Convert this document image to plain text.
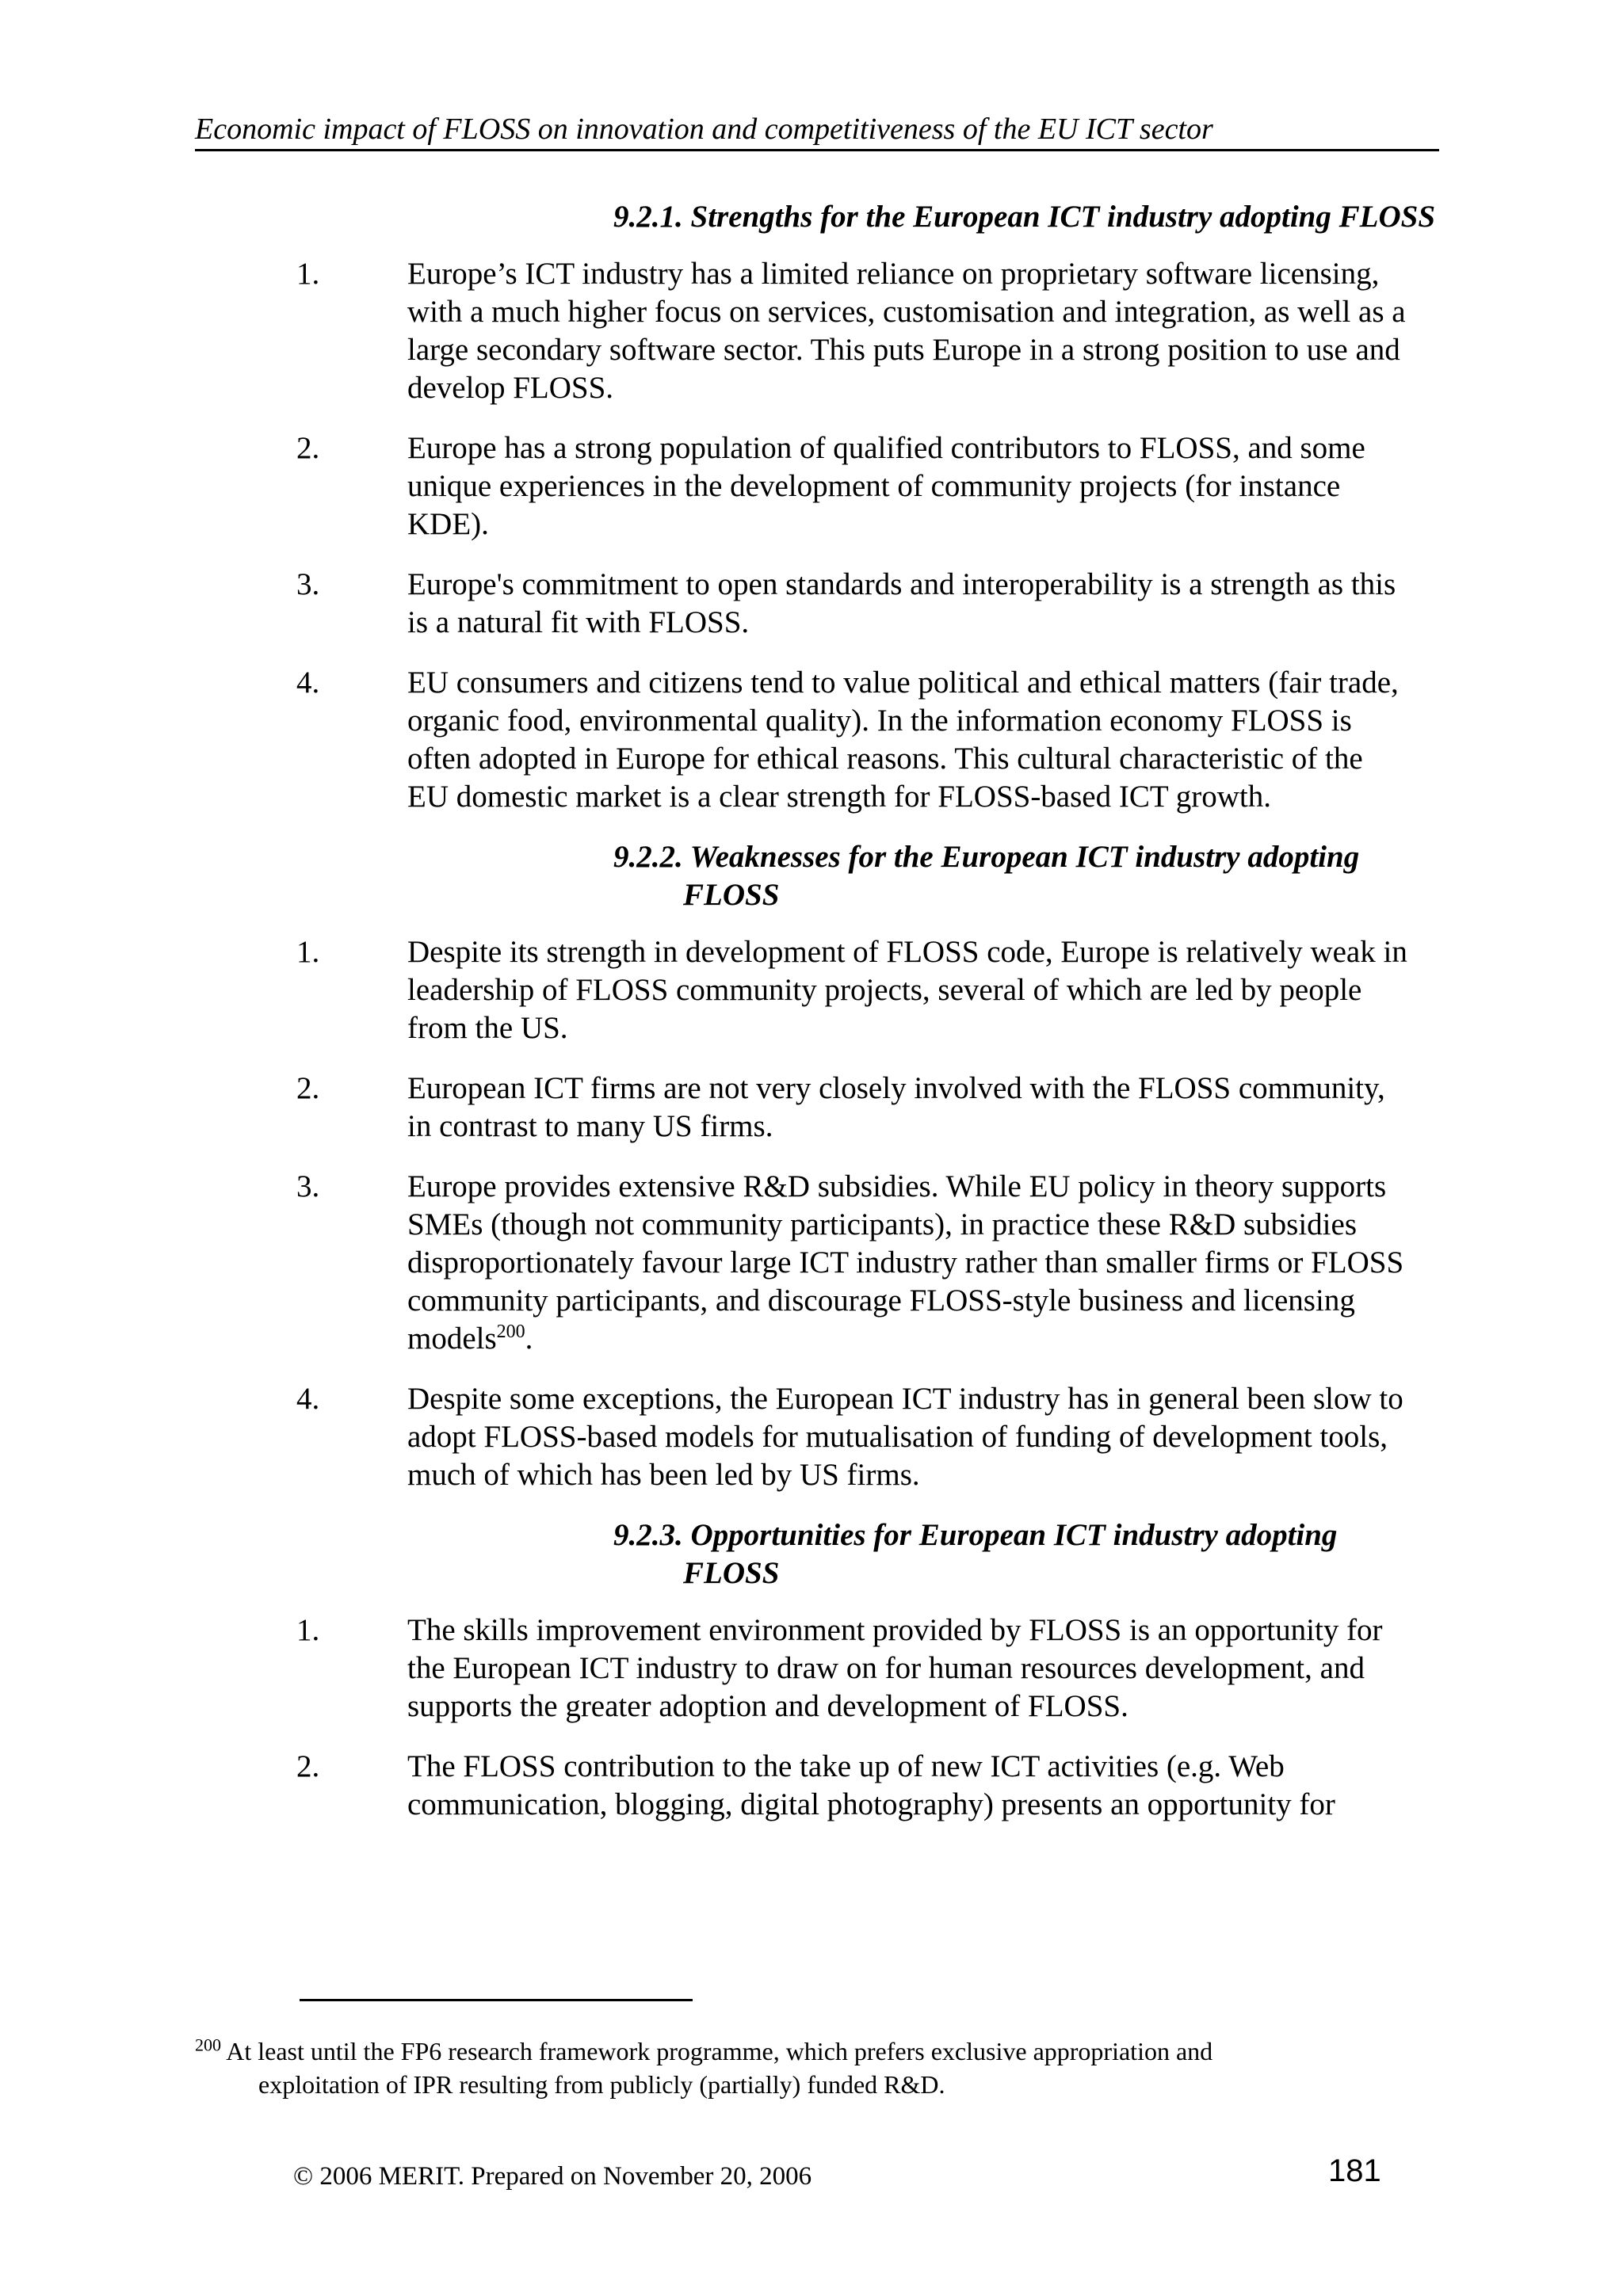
Economic impact of FLOSS on innovation and competitiveness of the EU ICT sector
9.2.1. Strengths for the European ICT industry adopting FLOSS
1.	Europe’s ICT industry has a limited reliance on proprietary software licensing, with a much higher focus on services, customisation and integration, as well as a large secondary software sector. This puts Europe in a strong position to use and develop FLOSS.
2.	Europe has a strong population of qualified contributors to FLOSS, and some unique experiences in the development of community projects (for instance KDE).
3.	Europe's commitment to open standards and interoperability is a strength as this is a natural fit with FLOSS.
4.	EU consumers and citizens tend to value political and ethical matters (fair trade, organic food, environmental quality). In the information economy FLOSS is often adopted in Europe for ethical reasons. This cultural characteristic of the EU domestic market is a clear strength for FLOSS-based ICT growth.
9.2.2. Weaknesses for the European ICT industry adopting FLOSS
1.	Despite its strength in development of FLOSS code, Europe is relatively weak in leadership of FLOSS community projects, several of which are led by people from the US.
2.	European ICT firms are not very closely involved with the FLOSS community, in contrast to many US firms.
3.	Europe provides extensive R&D subsidies. While EU policy in theory supports SMEs (though not community participants), in practice these R&D subsidies disproportionately favour large ICT industry rather than smaller firms or FLOSS community participants, and discourage FLOSS-style business and licensing models$^{200}$.
4.	Despite some exceptions, the European ICT industry has in general been slow to adopt FLOSS-based models for mutualisation of funding of development tools, much of which has been led by US firms.
9.2.3. Opportunities for European ICT industry adopting FLOSS
1.	The skills improvement environment provided by FLOSS is an opportunity for the European ICT industry to draw on for human resources development, and supports the greater adoption and development of FLOSS.
2.	The FLOSS contribution to the take up of new ICT activities (e.g. Web communication, blogging, digital photography) presents an opportunity for
$^{200}$ At least until the FP6 research framework programme, which prefers exclusive appropriation and
exploitation of IPR resulting from publicly (partially) funded R&D.
© 2006 MERIT. Prepared on November 20, 2006	181
